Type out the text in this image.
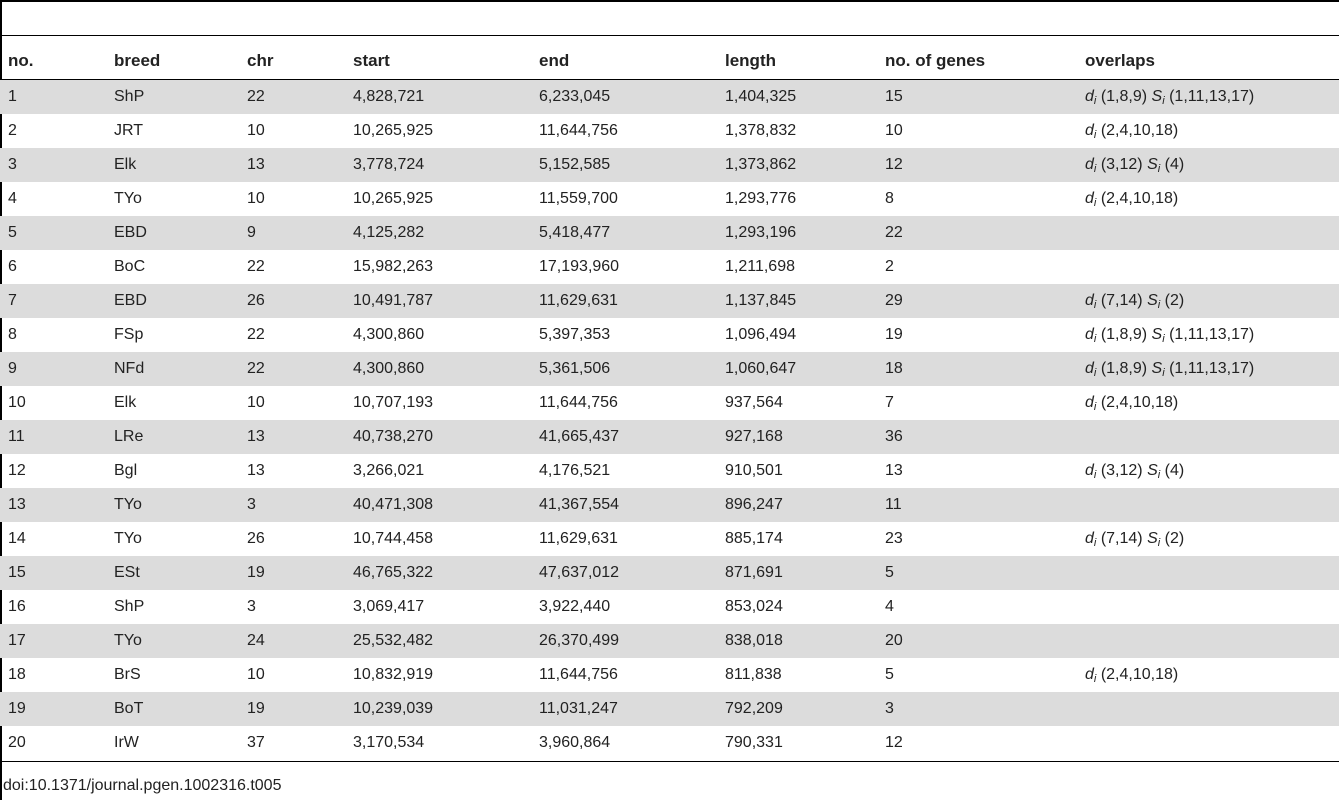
no.	breed	chr	start	end	length	no. of genes	overlaps
1	ShP	22	4,828,721	6,233,045	1,404,325	15	$d_i$ (1,8,9) $S_i$ (1,11,13,17)
2	JRT	10	10,265,925	11,644,756	1,378,832	10	$d_i$ (2,4,10,18)
3	Elk	13	3,778,724	5,152,585	1,373,862	12	$d_i$ (3,12) $S_i$ (4)
4	TYo	10	10,265,925	11,559,700	1,293,776	8	$d_i$ (2,4,10,18)
5	EBD	9	4,125,282	5,418,477	1,293,196	22	
6	BoC	22	15,982,263	17,193,960	1,211,698	2	
7	EBD	26	10,491,787	11,629,631	1,137,845	29	$d_i$ (7,14) $S_i$ (2)
8	FSp	22	4,300,860	5,397,353	1,096,494	19	$d_i$ (1,8,9) $S_i$ (1,11,13,17)
9	NFd	22	4,300,860	5,361,506	1,060,647	18	$d_i$ (1,8,9) $S_i$ (1,11,13,17)
10	Elk	10	10,707,193	11,644,756	937,564	7	$d_i$ (2,4,10,18)
11	LRe	13	40,738,270	41,665,437	927,168	36	
12	Bgl	13	3,266,021	4,176,521	910,501	13	$d_i$ (3,12) $S_i$ (4)
13	TYo	3	40,471,308	41,367,554	896,247	11	
14	TYo	26	10,744,458	11,629,631	885,174	23	$d_i$ (7,14) $S_i$ (2)
15	ESt	19	46,765,322	47,637,012	871,691	5	
16	ShP	3	3,069,417	3,922,440	853,024	4	
17	TYo	24	25,532,482	26,370,499	838,018	20	
18	BrS	10	10,832,919	11,644,756	811,838	5	$d_i$ (2,4,10,18)
19	BoT	19	10,239,039	11,031,247	792,209	3	
20	IrW	37	3,170,534	3,960,864	790,331	12	
doi:10.1371/journal.pgen.1002316.t005
